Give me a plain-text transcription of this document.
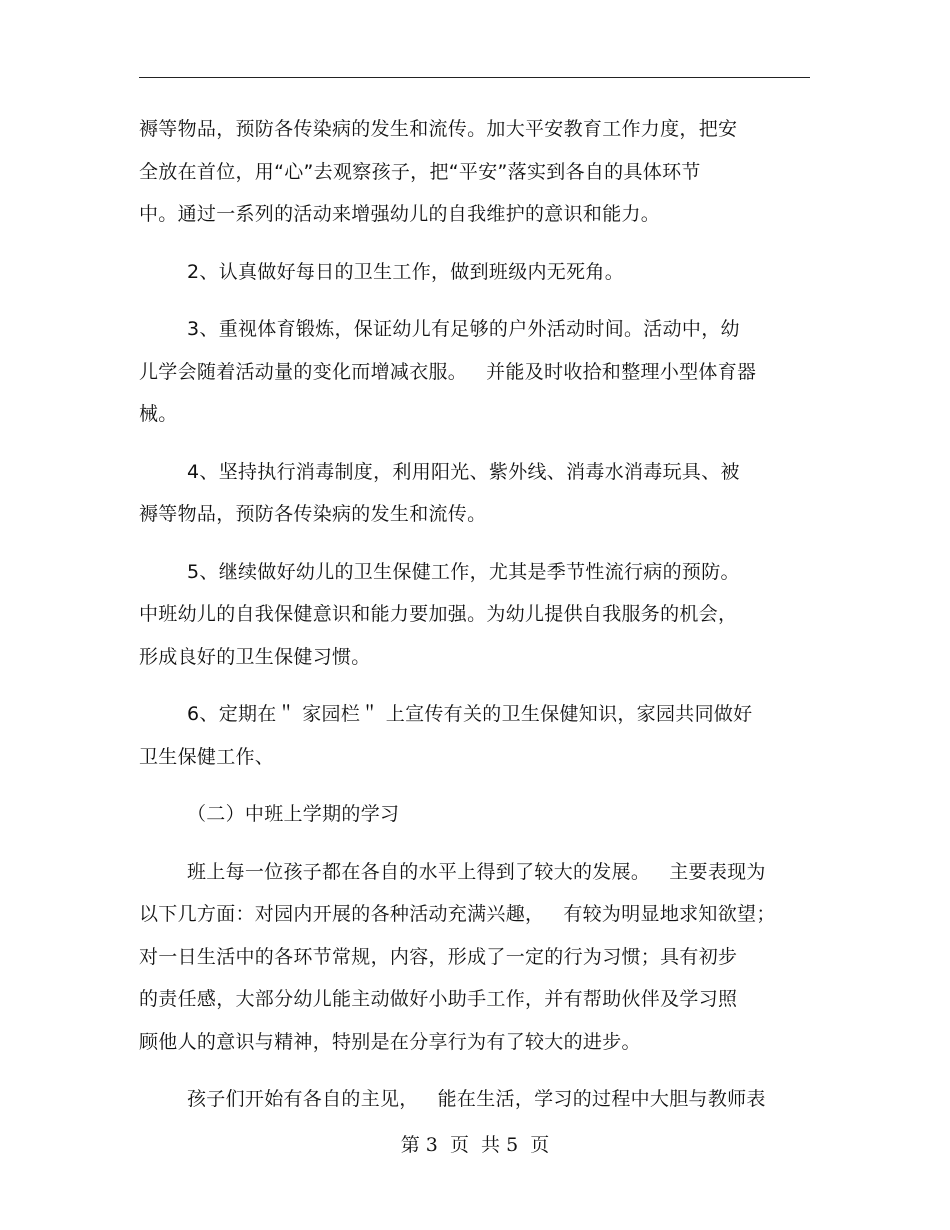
褥等物品，预防各传染病的发生和流传。加大平安教育工作力度，把安
全放在首位，用“心”去观察孩子，把“平安”落实到各自的具体环节
中。通过一系列的活动来增强幼儿的自我维护的意识和能力。
2、认真做好每日的卫生工作，做到班级内无死角。
3、重视体育锻炼，保证幼儿有足够的户外活动时间。活动中，幼
儿学会随着活动量的变化而增减衣服。   并能及时收拾和整理小型体育器
械。
4、坚持执行消毒制度，利用阳光、紫外线、消毒水消毒玩具、被
褥等物品，预防各传染病的发生和流传。
5、继续做好幼儿的卫生保健工作，尤其是季节性流行病的预防。
中班幼儿的自我保健意识和能力要加强。为幼儿提供自我服务的机会，
形成良好的卫生保健习惯。
6、定期在＂ 家园栏＂ 上宣传有关的卫生保健知识，家园共同做好
卫生保健工作、
（二）中班上学期的学习
班上每一位孩子都在各自的水平上得到了较大的发展。   主要表现为
以下几方面：对园内开展的各种活动充满兴趣，   有较为明显地求知欲望；
对一日生活中的各环节常规，内容，形成了一定的行为习惯；具有初步
的责任感，大部分幼儿能主动做好小助手工作，并有帮助伙伴及学习照
顾他人的意识与精神，特别是在分享行为有了较大的进步。
孩子们开始有各自的主见，   能在生活，学习的过程中大胆与教师表
第 3  页  共 5  页
